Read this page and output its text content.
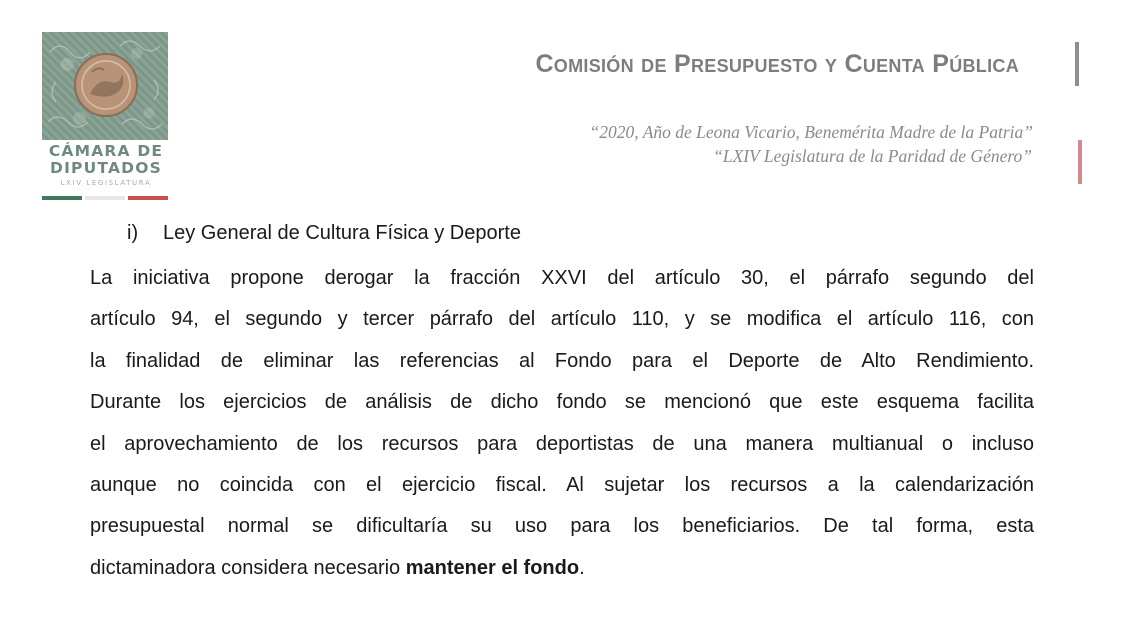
CÁMARA DE
DIPUTADOS
LXIV LEGISLATURA
Comisión de Presupuesto y Cuenta Pública
“2020, Año de Leona Vicario, Benemérita Madre de la Patria”
“LXIV Legislatura de la Paridad de Género”
i) Ley General de Cultura Física y Deporte
La iniciativa propone derogar la fracción XXVI del artículo 30, el párrafo segundo del
artículo 94, el segundo y tercer párrafo del artículo 110, y se modifica el artículo 116, con
la finalidad de eliminar las referencias al Fondo para el Deporte de Alto Rendimiento.
Durante los ejercicios de análisis de dicho fondo se mencionó que este esquema facilita
el aprovechamiento de los recursos para deportistas de una manera multianual o incluso
aunque no coincida con el ejercicio fiscal. Al sujetar los recursos a la calendarización
presupuestal normal se dificultaría su uso para los beneficiarios. De tal forma, esta
dictaminadora considera necesario mantener el fondo.
